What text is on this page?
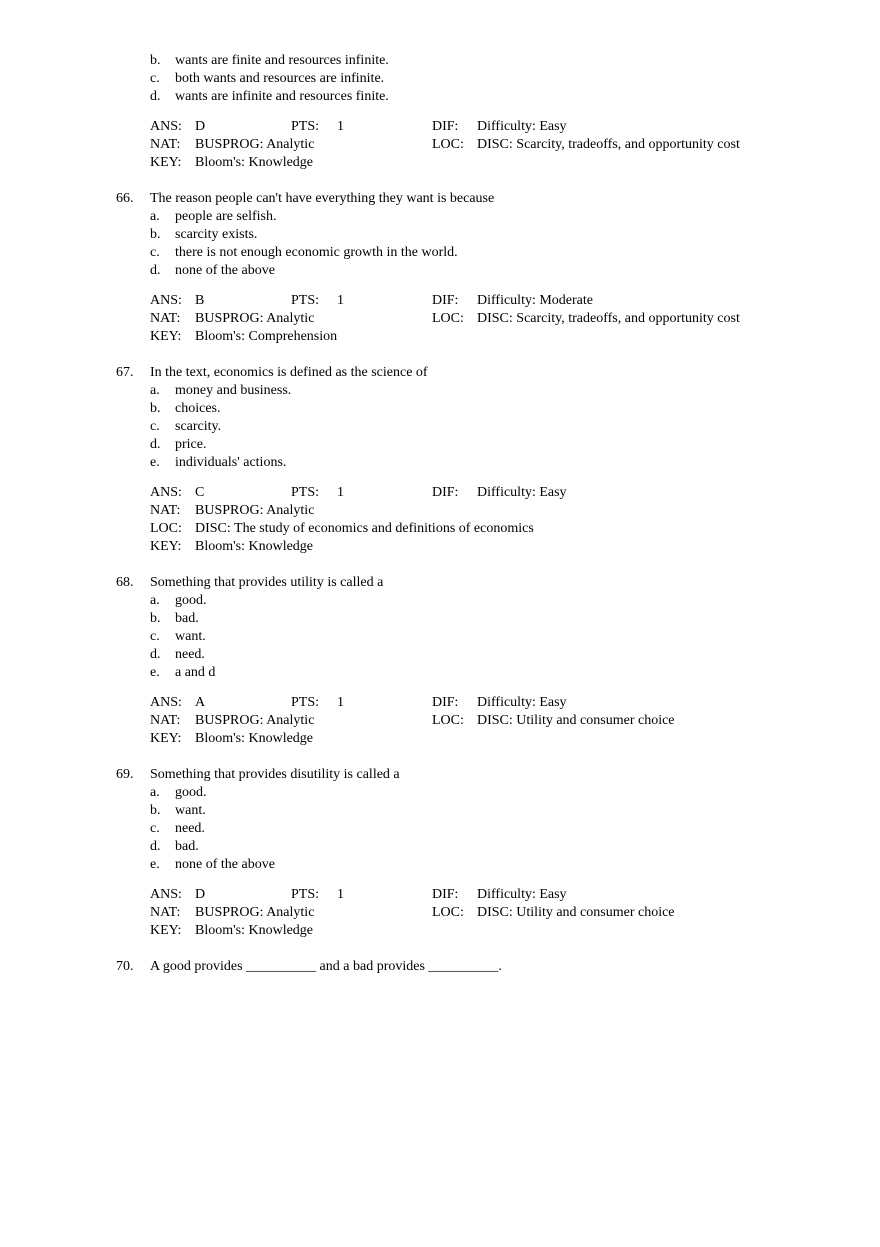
b. wants are finite and resources infinite.
c. both wants and resources are infinite.
d. wants are infinite and resources finite.
ANS: D	PTS: 1	DIF: Difficulty: Easy
NAT: BUSPROG: Analytic	LOC: DISC: Scarcity, tradeoffs, and opportunity cost
KEY: Bloom's: Knowledge
66. The reason people can't have everything they want is because
a. people are selfish.
b. scarcity exists.
c. there is not enough economic growth in the world.
d. none of the above
ANS: B	PTS: 1	DIF: Difficulty: Moderate
NAT: BUSPROG: Analytic	LOC: DISC: Scarcity, tradeoffs, and opportunity cost
KEY: Bloom's: Comprehension
67. In the text, economics is defined as the science of
a. money and business.
b. choices.
c. scarcity.
d. price.
e. individuals' actions.
ANS: C	PTS: 1	DIF: Difficulty: Easy
NAT: BUSPROG: Analytic
LOC: DISC: The study of economics and definitions of economics
KEY: Bloom's: Knowledge
68. Something that provides utility is called a
a. good.
b. bad.
c. want.
d. need.
e. a and d
ANS: A	PTS: 1	DIF: Difficulty: Easy
NAT: BUSPROG: Analytic	LOC: DISC: Utility and consumer choice
KEY: Bloom's: Knowledge
69. Something that provides disutility is called a
a. good.
b. want.
c. need.
d. bad.
e. none of the above
ANS: D	PTS: 1	DIF: Difficulty: Easy
NAT: BUSPROG: Analytic	LOC: DISC: Utility and consumer choice
KEY: Bloom's: Knowledge
70. A good provides __________ and a bad provides __________.
